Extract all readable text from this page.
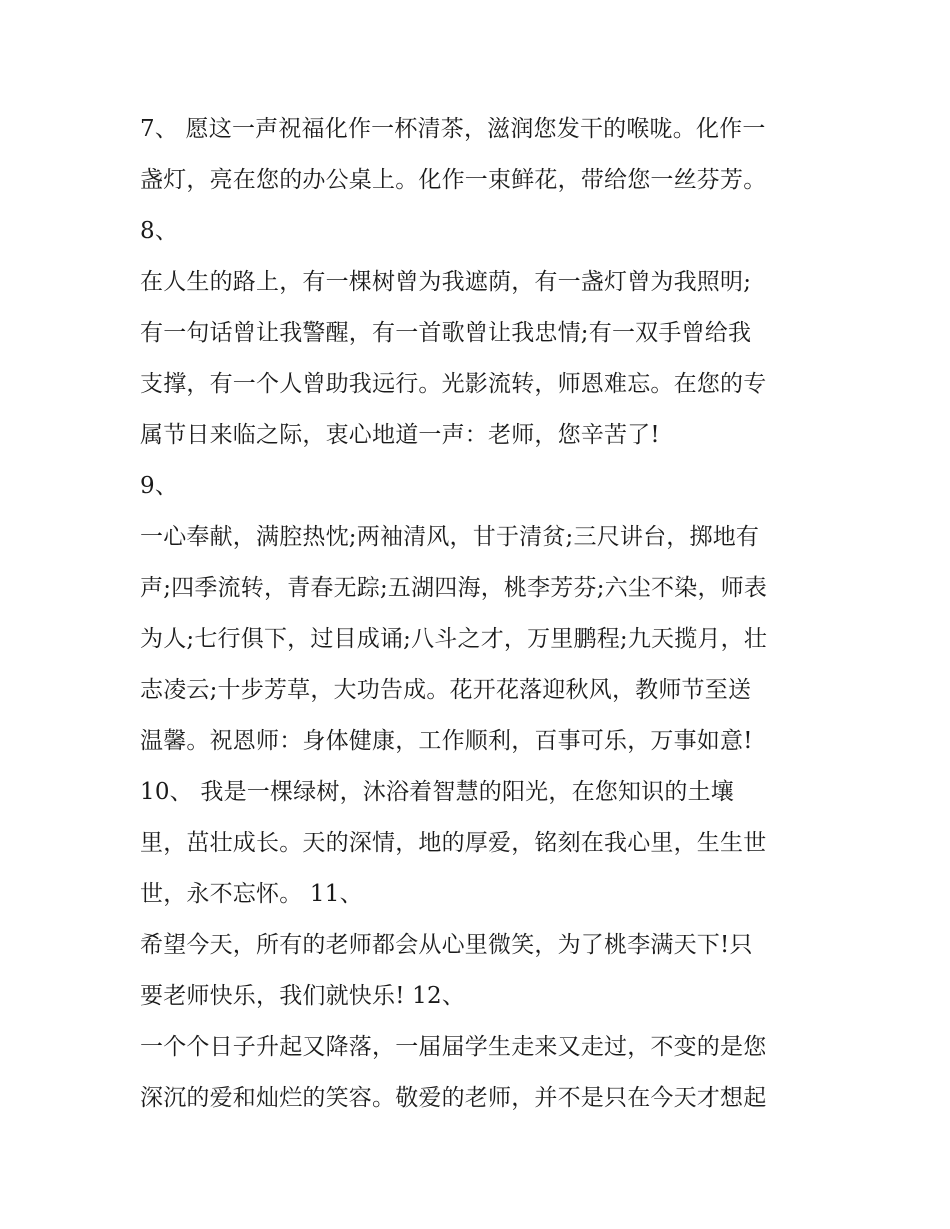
7、 愿这一声祝福化作一杯清茶，滋润您发干的喉咙。化作一
盏灯，亮在您的办公桌上。化作一束鲜花，带给您一丝芬芳。
8、
在人生的路上，有一棵树曾为我遮荫，有一盏灯曾为我照明;
有一句话曾让我警醒，有一首歌曾让我忠情;有一双手曾给我
支撑，有一个人曾助我远行。光影流转，师恩难忘。在您的专
属节日来临之际，衷心地道一声：老师，您辛苦了!
9、
一心奉献，满腔热忱;两袖清风，甘于清贫;三尺讲台，掷地有
声;四季流转，青春无踪;五湖四海，桃李芳芬;六尘不染，师表
为人;七行俱下，过目成诵;八斗之才，万里鹏程;九天揽月，壮
志凌云;十步芳草，大功告成。花开花落迎秋风，教师节至送
温馨。祝恩师：身体健康，工作顺利，百事可乐，万事如意!
10、 我是一棵绿树，沐浴着智慧的阳光，在您知识的土壤
里，茁壮成长。天的深情，地的厚爱，铭刻在我心里，生生世
世，永不忘怀。 11、
希望今天，所有的老师都会从心里微笑，为了桃李满天下!只
要老师快乐，我们就快乐! 12、
一个个日子升起又降落，一届届学生走来又走过，不变的是您
深沉的爱和灿烂的笑容。敬爱的老师，并不是只在今天才想起
